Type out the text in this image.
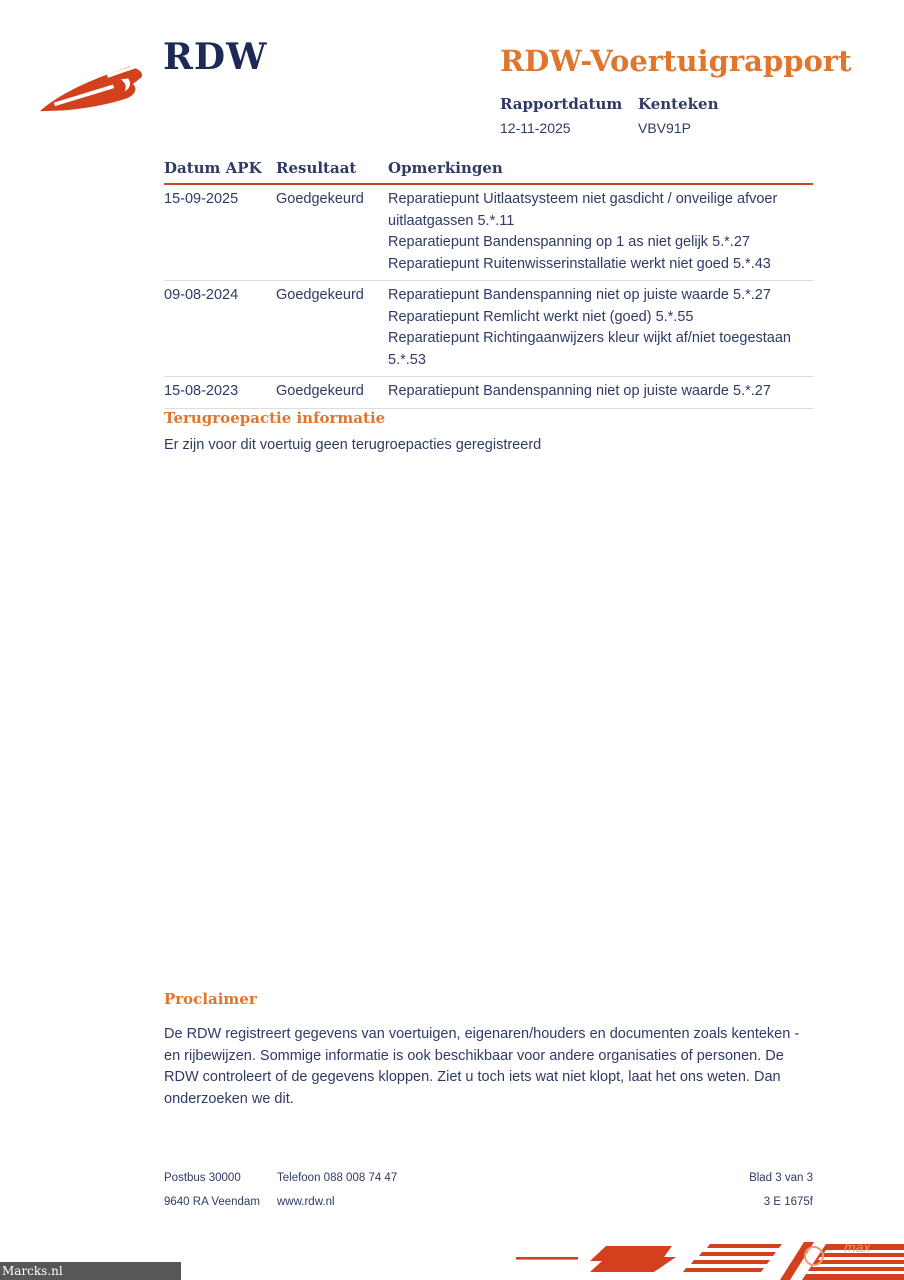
RDW	RDW-Voertuigrapport
Rapportdatum
12-11-2025
Kenteken
VBV91P
Datum APK Resultaat	Opmerkingen
15-09-2025	Goedgekeurd	Reparatiepunt Uitlaatsysteem niet gasdicht / onveilige afvoer uitlaatgassen 5.*.11
Reparatiepunt Bandenspanning op 1 as niet gelijk 5.*.27
Reparatiepunt Ruitenwisserinstallatie werkt niet goed 5.*.43
09-08-2024	Goedgekeurd	Reparatiepunt Bandenspanning niet op juiste waarde 5.*.27
Reparatiepunt Remlicht werkt niet (goed) 5.*.55
Reparatiepunt Richtingaanwijzers kleur wijkt af/niet toegestaan 5.*.53
15-08-2023	Goedgekeurd	Reparatiepunt Bandenspanning niet op juiste waarde 5.*.27
Terugroepactie informatie
Er zijn voor dit voertuig geen terugroepacties geregistreerd
Proclaimer
De RDW registreert gegevens van voertuigen, eigenaren/houders en documenten zoals kenteken - en rijbewijzen. Sommige informatie is ook beschikbaar voor andere organisaties of personen. De RDW controleert of de gegevens kloppen. Ziet u toch iets wat niet klopt, laat het ons weten. Dan onderzoeken we dit.
Postbus 30000	Telefoon 088 008 74 47	Blad 3 van 3
9640 RA Veendam	www.rdw.nl	3 E 1675f
max
Marcks.nl
